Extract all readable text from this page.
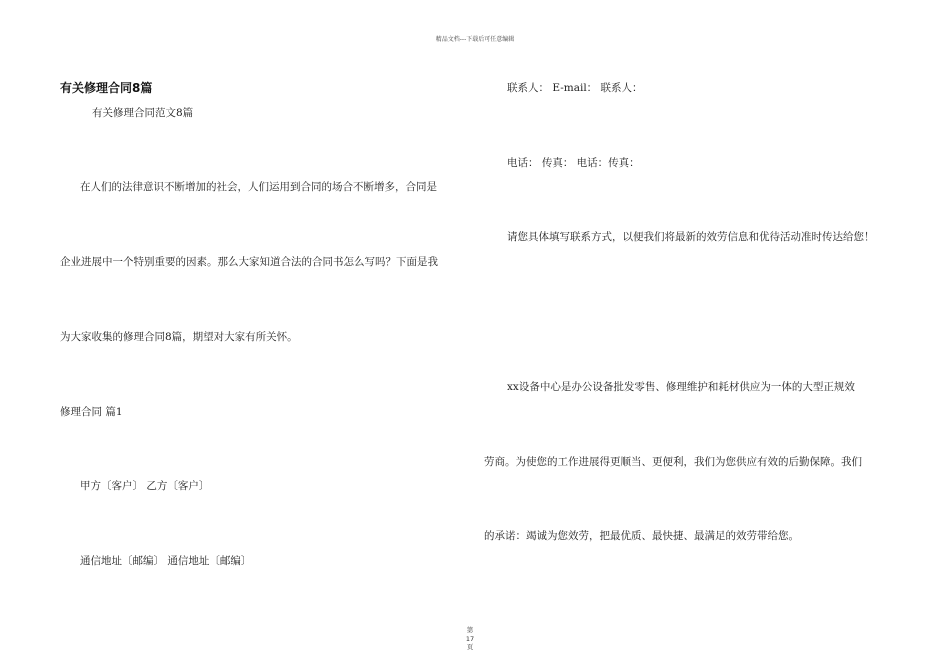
精品文档---下载后可任意编辑
有关修理合同8篇
有关修理合同范文8篇
在人们的法律意识不断增加的社会，人们运用到合同的场合不断增多，合同是
企业进展中一个特别重要的因素。那么大家知道合法的合同书怎么写吗？下面是我
为大家收集的修理合同8篇，期望对大家有所关怀。
修理合同 篇1
甲方〔客户〕 乙方〔客户〕
通信地址〔邮编〕 通信地址〔邮编〕
联系人： E-mail： 联系人：
电话： 传真： 电话：传真：
请您具体填写联系方式，以便我们将最新的效劳信息和优待活动准时传达给您！
xx设备中心是办公设备批发零售、修理维护和耗材供应为一体的大型正规效
劳商。为使您的工作进展得更顺当、更便利，我们为您供应有效的后勤保障。我们
的承诺：竭诚为您效劳，把最优质、最快捷、最满足的效劳带给您。
第
17
页
